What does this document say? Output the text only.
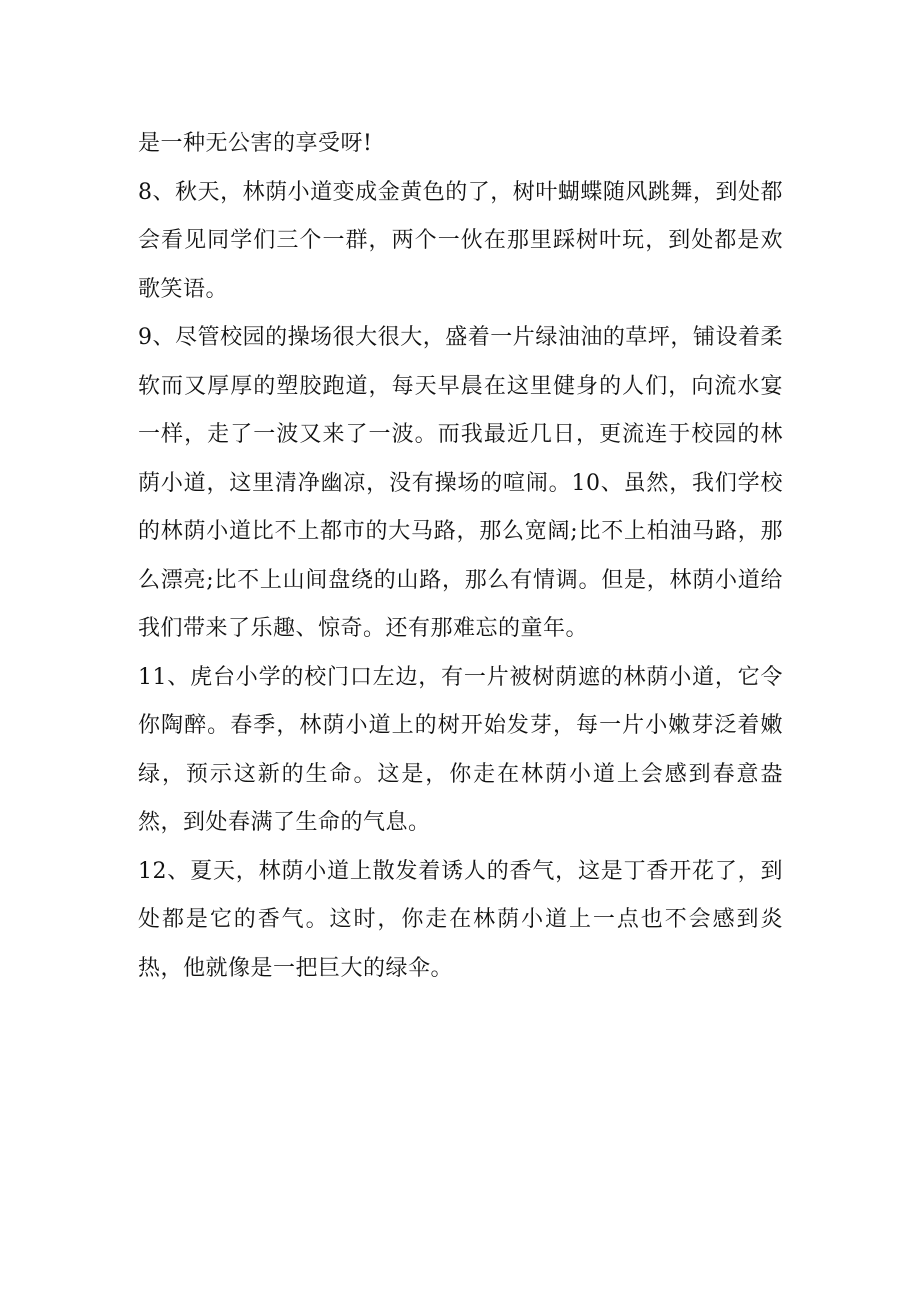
是一种无公害的享受呀!

8、秋天，林荫小道变成金黄色的了，树叶蝴蝶随风跳舞，到处都会看见同学们三个一群，两个一伙在那里踩树叶玩，到处都是欢歌笑语。

9、尽管校园的操场很大很大，盛着一片绿油油的草坪，铺设着柔软而又厚厚的塑胶跑道，每天早晨在这里健身的人们，向流水宴一样，走了一波又来了一波。而我最近几日，更流连于校园的林荫小道，这里清净幽凉，没有操场的喧闹。10、虽然，我们学校的林荫小道比不上都市的大马路，那么宽阔;比不上柏油马路，那么漂亮;比不上山间盘绕的山路，那么有情调。但是，林荫小道给我们带来了乐趣、惊奇。还有那难忘的童年。

11、虎台小学的校门口左边，有一片被树荫遮的林荫小道，它令你陶醉。春季，林荫小道上的树开始发芽，每一片小嫩芽泛着嫩绿，预示这新的生命。这是，你走在林荫小道上会感到春意盎然，到处春满了生命的气息。

12、夏天，林荫小道上散发着诱人的香气，这是丁香开花了，到处都是它的香气。这时，你走在林荫小道上一点也不会感到炎热，他就像是一把巨大的绿伞。
